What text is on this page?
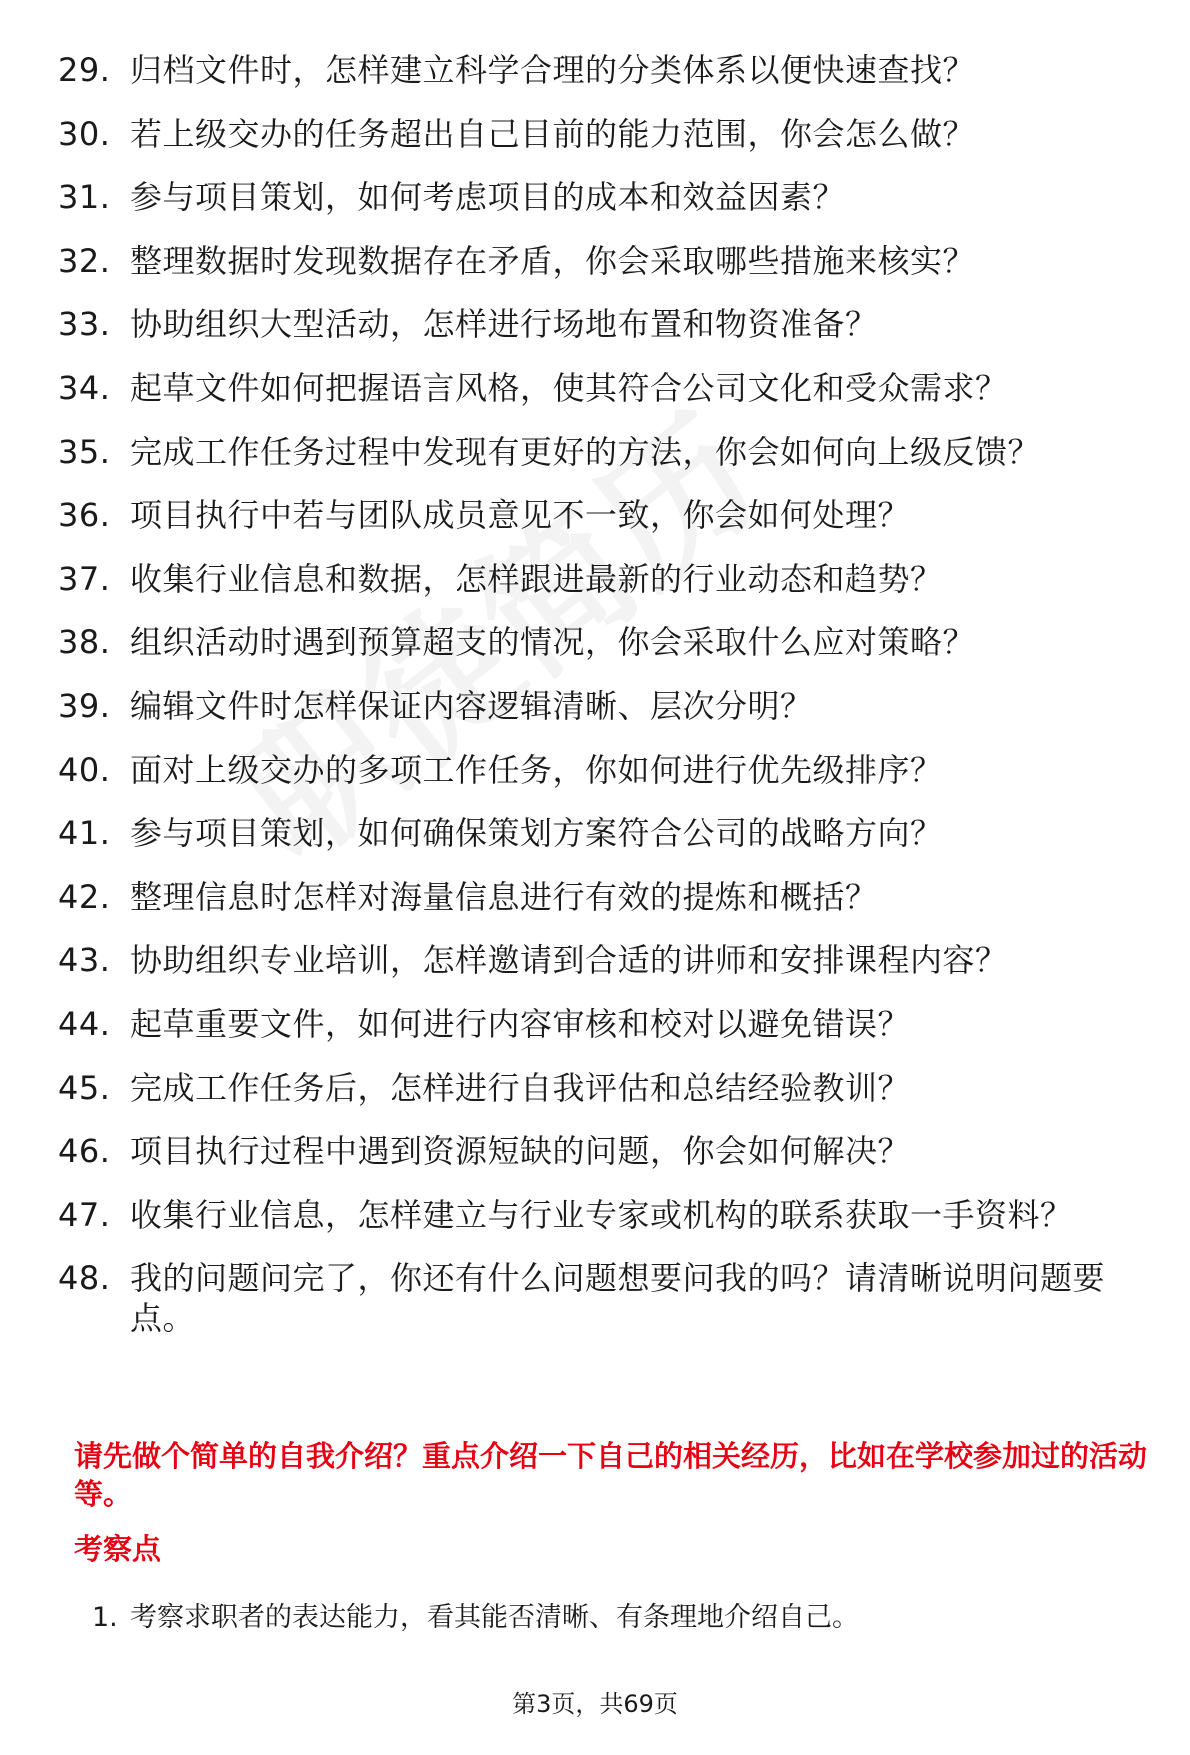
29. 归档文件时，怎样建立科学合理的分类体系以便快速查找？
30. 若上级交办的任务超出自己目前的能力范围，你会怎么做？
31. 参与项目策划，如何考虑项目的成本和效益因素？
32. 整理数据时发现数据存在矛盾，你会采取哪些措施来核实？
33. 协助组织大型活动，怎样进行场地布置和物资准备？
34. 起草文件如何把握语言风格，使其符合公司文化和受众需求？
35. 完成工作任务过程中发现有更好的方法，你会如何向上级反馈？
36. 项目执行中若与团队成员意见不一致，你会如何处理？
37. 收集行业信息和数据，怎样跟进最新的行业动态和趋势？
38. 组织活动时遇到预算超支的情况，你会采取什么应对策略？
39. 编辑文件时怎样保证内容逻辑清晰、层次分明？
40. 面对上级交办的多项工作任务，你如何进行优先级排序？
41. 参与项目策划，如何确保策划方案符合公司的战略方向？
42. 整理信息时怎样对海量信息进行有效的提炼和概括？
43. 协助组织专业培训，怎样邀请到合适的讲师和安排课程内容？
44. 起草重要文件，如何进行内容审核和校对以避免错误？
45. 完成工作任务后，怎样进行自我评估和总结经验教训？
46. 项目执行过程中遇到资源短缺的问题，你会如何解决？
47. 收集行业信息，怎样建立与行业专家或机构的联系获取一手资料？
48. 我的问题问完了，你还有什么问题想要问我的吗？请清晰说明问题要点。
请先做个简单的自我介绍？重点介绍一下自己的相关经历，比如在学校参加过的活动等。
考察点
1. 考察求职者的表达能力，看其能否清晰、有条理地介绍自己。
第3页，共69页
